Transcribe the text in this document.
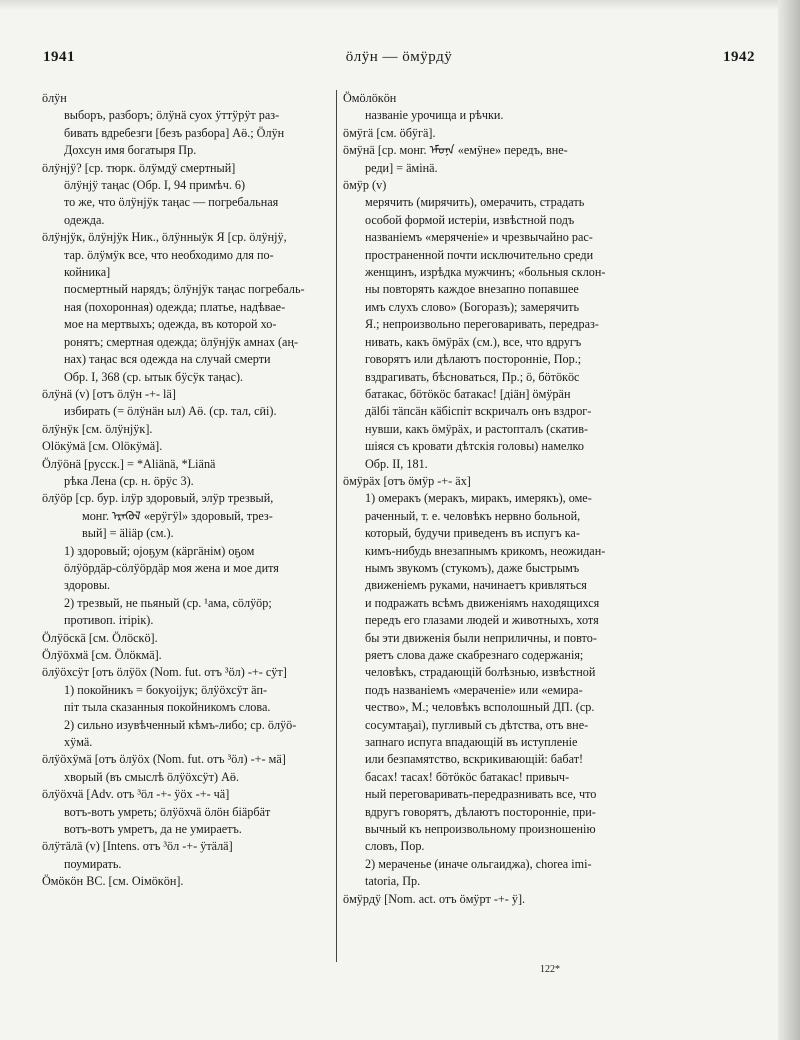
1941	öлÿн — öмÿрдÿ	1942

öлÿн

выборъ, разборъ; öлÿнä суох ÿттÿрÿт раз-

бивать вдребезги [безъ разбора] Аӫ.; Öлÿн

Дохсун имя богатыря Пр.

öлÿнjÿ? [ср. тюрк. öлÿмдÿ смертный]

öлÿнjÿ таңас (Обр. I, 94 примѣч. 6)

то же, что öлÿнjÿк таңас — погребальная

одежда.

öлÿнjÿк, öлÿнjÿк Ник., öлÿнныÿк Я [ср. öлÿнjÿ,

тар. öлÿмÿк все, что необходимо для по-

койника]

посмертный нарядъ; öлÿнjÿк таңас погребаль-

ная (похоронная) одежда; платье, надѣвае-

мое на мертвыхъ; одежда, въ которой хо-

ронятъ; смертная одежда; öлÿнjÿк амнах (аң-

нах) таңас вся одежда на случай смерти

Обр. I, 368 (ср. ытык бÿсÿк таңас).

öлÿнä (v) [отъ öлÿн -+- lä]

избирать (= öлÿнäн ыл) Аӫ. (ср. тал, сӣі).

öлÿнÿк [см. öлÿнjÿк].

Оlöкÿмä [см. Оlöкÿмä].

Öлÿöнä [русск.] = *Аliänä, *Liänä

рѣка Лена (ср. н. öрÿс 3).

öлÿöр [ср. бур. ілÿр здоровый, элÿр трезвый,

монг. ᠡᠷᠡᠭᠦᠯ «ерÿгÿl» здоровый, трез-

вый] = äliäр (см.).

1) здоровый; оjоҕум (кäргäнім) оҕом

öлÿöрдäр-сöлÿöрдäр моя жена и мое дитя

здоровы.

2) трезвый, не пьяный (ср. ¹ама, сöлÿöр;

противоп. ітірік).

Öлÿöскä [см. Öлöскö].

Öлÿöхмä [см. Öлöкмä].

öлÿöхсÿт [отъ öлÿöх (Nom. fut. отъ ³öл) -+- сÿт]

1) покойникъ = бокуоіjук; öлÿöхсÿт äп-

піт тыла сказанныя покойникомъ слова.

2) сильно изувѣченный кѣмъ-либо; ср. öлÿö-

хÿмä.

öлÿöхÿмä [отъ öлÿöх (Nom. fut. отъ ³öл) -+- мä]

хворый (въ смыслѣ öлÿöхсÿт) Аӫ.

öлÿöхчä [Adv. отъ ³öл -+- ÿöх -+- чä]

вотъ-вотъ умреть; öлÿöхчä öлöн біäрбäт

вотъ-вотъ умретъ, да не умираетъ.

öлÿтäлä (v) [Intens. отъ ³öл -+- ÿтäлä]

поумирать.

Öмöкöн ВС. [см. Оімöкöн].

Öмöлöкöн

названіе урочища и рѣчки.

öмÿгä [см. öбÿгä].

öмÿнä [ср. монг. ᠡᠮᠦᠨᠡ «емÿне» передъ, вне-

реди] = äмінä.

öмÿр (v)

мерячить (мирячить), омерачить, страдать

особой формой истеріи, извѣстной подъ

названіемъ «меряченіе» и чрезвычайно рас-

пространенной почти исключительно среди

женщинъ, изрѣдка мужчинъ; «больныя склон-

ны повторять каждое внезапно попавшее

имъ слухъ слово» (Богоразъ); замерячить

Я.; непроизвольно переговаривать, передраз-

нивать, какъ öмÿрäх (см.), все, что вдругъ

говорятъ или дѣлаютъ посторонніе, Пор.;

вздрагивать, бѣсноваться, Пр.; ö, бöтöкöс

батакас, бöтöкöс батакас! [діäн] öмÿрäн

дälбі тäпсäн кäбіспіт вскричалъ онъ вздрог-

нувши, какъ öмÿрäх, и растопталъ (скатив-

шіяся съ кровати дѣтскія головы) намелко

Обр. II, 181.

öмÿрäх [отъ öмÿр -+- äх]

1) омеракъ (меракъ, миракъ, имерякъ), оме-

раченный, т. е. человѣкъ нервно больной,

который, будучи приведенъ въ испугъ ка-

кимъ-нибудь внезапнымъ крикомъ, неожидан-

нымъ звукомъ (стукомъ), даже быстрымъ

движеніемъ руками, начинаетъ кривляться

и подражать всѣмъ движеніямъ находящихся

передъ его глазами людей и животныхъ, хотя

бы эти движенія были неприличны, и повто-

ряетъ слова даже скабрезнаго содержанія;

человѣкъ, страдающій болѣзнью, извѣстной

подъ названіемъ «мераченіе» или «емира-

чество», М.; человѣкъ всполошный ДП. (ср.

сосумтаҕаі), пугливый съ дѣтства, отъ вне-

запнаго испуга впадающій въ иступленіе

или безпамятство, вскрикивающій: бабат!

басах! тасах! бöтöкöс батакас! привыч-

ный переговаривать-передразнивать все, что

вдругъ говорятъ, дѣлаютъ посторонніе, при-

вычный къ непроизвольному произношенію

словъ, Пор.

2) мераченье (иначе ольгаиджа), chorea imi-

tatoria, Пр.

öмÿрдÿ [Nom. act. отъ öмÿрт -+- ÿ].

122*
